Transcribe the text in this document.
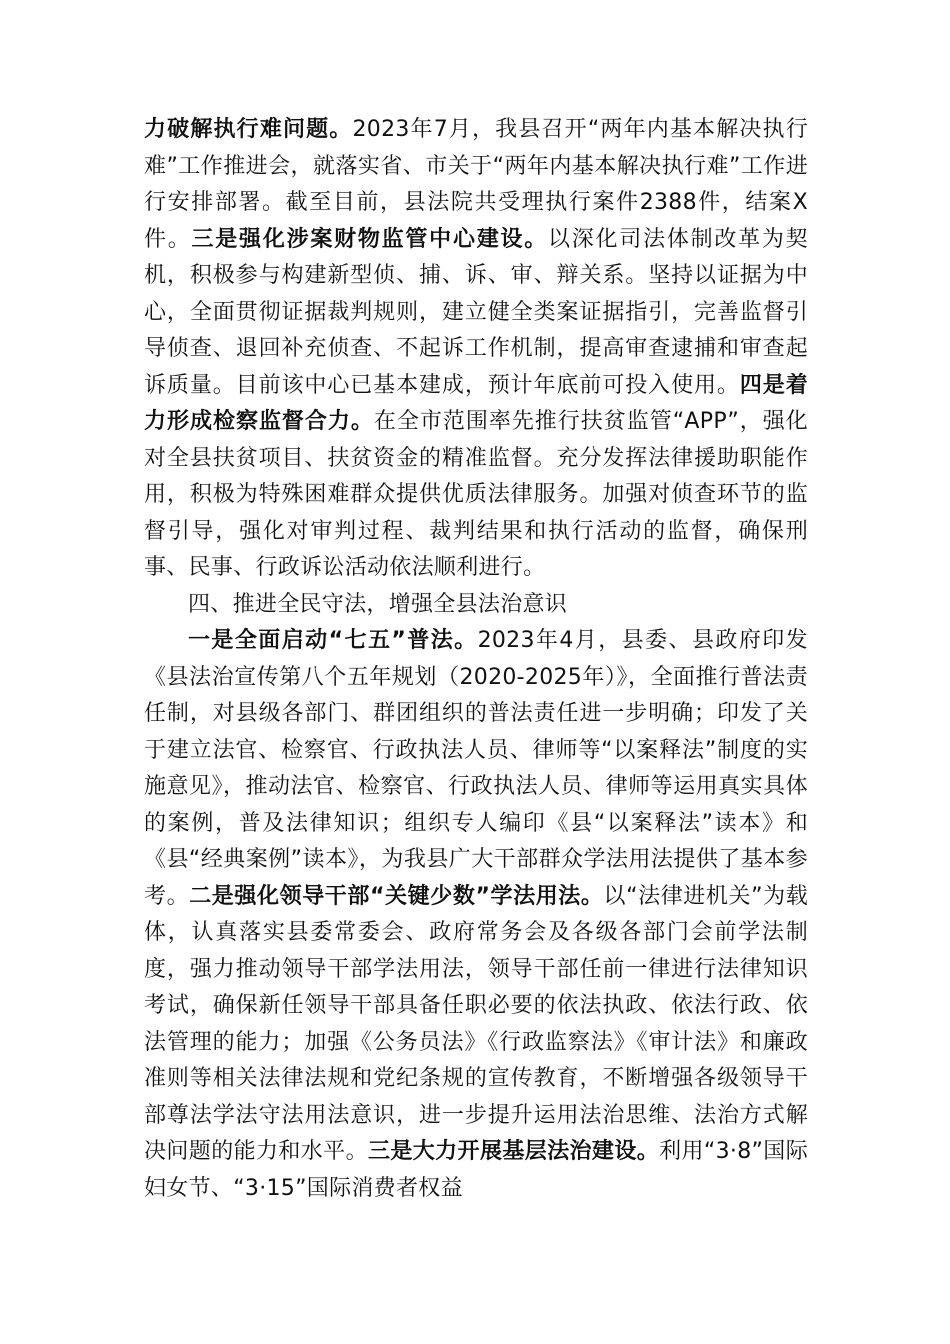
力破解执行难问题。2023年7月，我县召开“两年内基本解决执行难”工作推进会，就落实省、市关于“两年内基本解决执行难”工作进行安排部署。截至目前，县法院共受理执行案件2388件，结案X件。三是强化涉案财物监管中心建设。以深化司法体制改革为契机，积极参与构建新型侦、捕、诉、审、辩关系。坚持以证据为中心，全面贯彻证据裁判规则，建立健全类案证据指引，完善监督引导侦查、退回补充侦查、不起诉工作机制，提高审查逮捕和审查起诉质量。目前该中心已基本建成，预计年底前可投入使用。四是着力形成检察监督合力。在全市范围率先推行扶贫监管“APP”，强化对全县扶贫项目、扶贫资金的精准监督。充分发挥法律援助职能作用，积极为特殊困难群众提供优质法律服务。加强对侦查环节的监督引导，强化对审判过程、裁判结果和执行活动的监督，确保刑事、民事、行政诉讼活动依法顺利进行。

四、推进全民守法，增强全县法治意识

一是全面启动“七五”普法。2023年4月，县委、县政府印发《县法治宣传第八个五年规划（2020-2025年）》，全面推行普法责任制，对县级各部门、群团组织的普法责任进一步明确；印发了关于建立法官、检察官、行政执法人员、律师等“以案释法”制度的实施意见》，推动法官、检察官、行政执法人员、律师等运用真实具体的案例，普及法律知识；组织专人编印《县“以案释法”读本》和《县“经典案例”读本》，为我县广大干部群众学法用法提供了基本参考。二是强化领导干部“关键少数”学法用法。以“法律进机关”为载体，认真落实县委常委会、政府常务会及各级各部门会前学法制度，强力推动领导干部学法用法，领导干部任前一律进行法律知识考试，确保新任领导干部具备任职必要的依法执政、依法行政、依法管理的能力；加强《公务员法》《行政监察法》《审计法》和廉政准则等相关法律法规和党纪条规的宣传教育，不断增强各级领导干部尊法学法守法用法意识，进一步提升运用法治思维、法治方式解决问题的能力和水平。三是大力开展基层法治建设。利用“3·8”国际妇女节、“3·15”国际消费者权益
